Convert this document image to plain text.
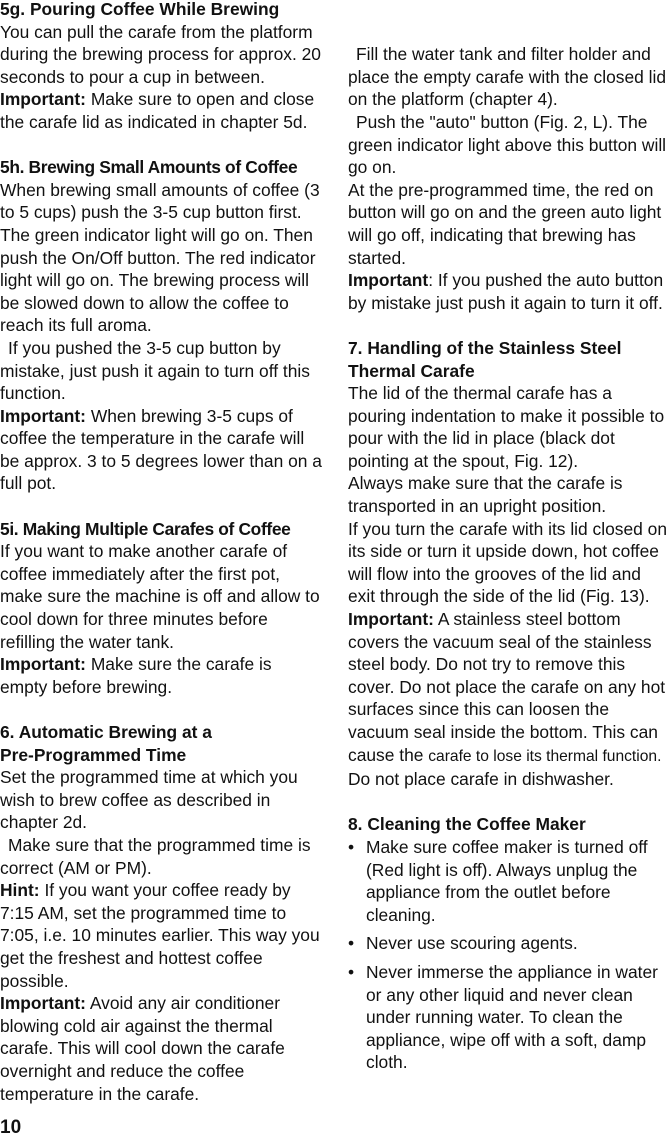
5g. Pouring Coffee While Brewing

You can pull the carafe from the platform during the brewing process for approx. 20 seconds to pour a cup in between.

Important: Make sure to open and close the carafe lid as indicated in chapter 5d.

5h. Brewing Small Amounts of Coffee

When brewing small amounts of coffee (3 to 5 cups) push the 3-5 cup button first. The green indicator light will go on. Then push the On/Off button. The red indicator light will go on. The brewing process will be slowed down to allow the coffee to reach its full aroma.

If you pushed the 3-5 cup button by mistake, just push it again to turn off this function.

Important: When brewing 3-5 cups of coffee the temperature in the carafe will be approx. 3 to 5 degrees lower than on a full pot.

5i. Making Multiple Carafes of Coffee

If you want to make another carafe of coffee immediately after the first pot, make sure the machine is off and allow to cool down for three minutes before refilling the water tank.

Important: Make sure the carafe is empty before brewing.

6. Automatic Brewing at a
Pre-Programmed Time

Set the programmed time at which you wish to brew coffee as described in chapter 2d.

Make sure that the programmed time is correct (AM or PM).

Hint: If you want your coffee ready by 7:15 AM, set the programmed time to 7:05, i.e. 10 minutes earlier. This way you get the freshest and hottest coffee possible.

Important: Avoid any air conditioner blowing cold air against the thermal carafe. This will cool down the carafe overnight and reduce the coffee temperature in the carafe.

Fill the water tank and filter holder and place the empty carafe with the closed lid on the platform (chapter 4).

Push the "auto" button (Fig. 2, L). The green indicator light above this button will go on.

At the pre-programmed time, the red on button will go on and the green auto light will go off, indicating that brewing has started.

Important: If you pushed the auto button by mistake just push it again to turn it off.

7. Handling of the Stainless Steel
Thermal Carafe

The lid of the thermal carafe has a pouring indentation to make it possible to pour with the lid in place (black dot pointing at the spout, Fig. 12).

Always make sure that the carafe is transported in an upright position.

If you turn the carafe with its lid closed on its side or turn it upside down, hot coffee will flow into the grooves of the lid and exit through the side of the lid (Fig. 13).

Important: A stainless steel bottom covers the vacuum seal of the stainless steel body. Do not try to remove this cover. Do not place the carafe on any hot surfaces since this can loosen the vacuum seal inside the bottom. This can cause the carafe to lose its thermal function.

Do not place carafe in dishwasher.

8. Cleaning the Coffee Maker
• Make sure coffee maker is turned off (Red light is off). Always unplug the appliance from the outlet before cleaning.
• Never use scouring agents.
• Never immerse the appliance in water or any other liquid and never clean under running water. To clean the appliance, wipe off with a soft, damp cloth.
10
